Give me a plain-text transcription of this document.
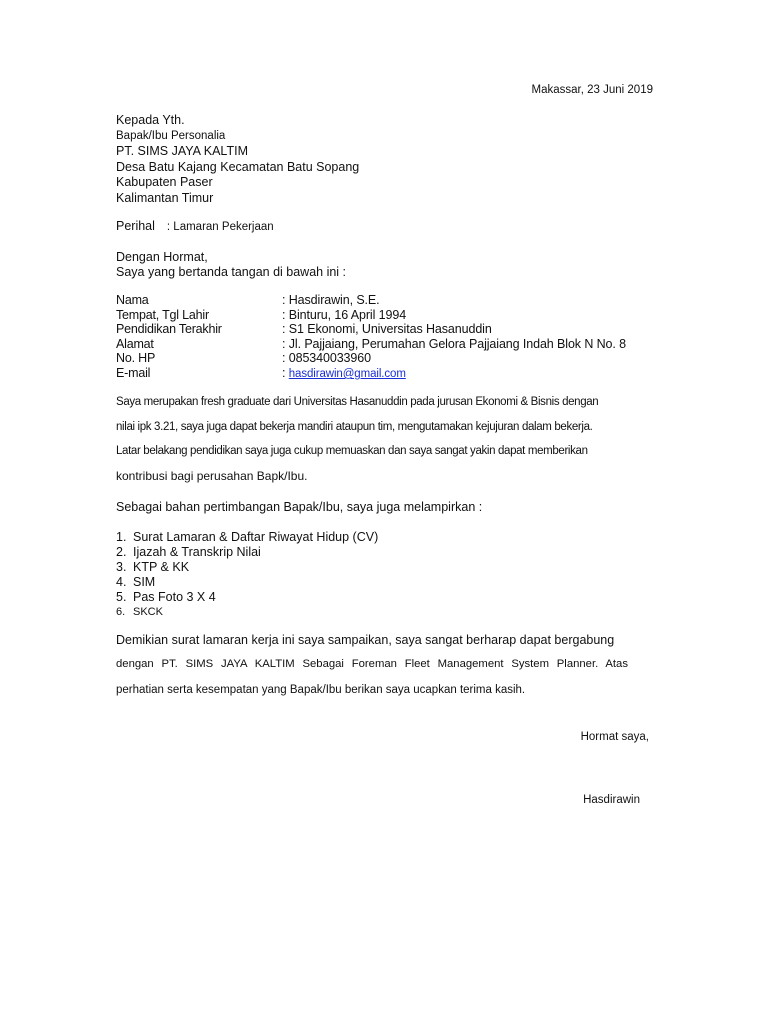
Makassar, 23 Juni 2019
Kepada Yth.
Bapak/Ibu Personalia
PT. SIMS JAYA KALTIM
Desa Batu Kajang Kecamatan Batu Sopang
Kabupaten Paser
Kalimantan Timur
Perihal : Lamaran Pekerjaan
Dengan Hormat,
Saya yang bertanda tangan di bawah ini :
Nama	: Hasdirawin, S.E.
Tempat, Tgl Lahir	: Binturu, 16 April 1994
Pendidikan Terakhir	: S1 Ekonomi, Universitas Hasanuddin
Alamat	: Jl. Pajjaiang, Perumahan Gelora Pajjaiang Indah Blok N No. 8
No. HP	: 085340033960
E-mail	: hasdirawin@gmail.com
Saya merupakan fresh graduate dari Universitas Hasanuddin pada jurusan Ekonomi & Bisnis dengan
nilai ipk 3.21, saya juga dapat bekerja mandiri ataupun tim, mengutamakan kejujuran dalam bekerja.
Latar belakang pendidikan saya juga cukup memuaskan dan saya sangat yakin dapat memberikan
kontribusi bagi perusahan Bapk/Ibu.
Sebagai bahan pertimbangan Bapak/Ibu, saya juga melampirkan :
1. Surat Lamaran & Daftar Riwayat Hidup (CV)
2. Ijazah & Transkrip Nilai
3. KTP & KK
4. SIM
5. Pas Foto 3 X 4
6. SKCK
Demikian surat lamaran kerja ini saya sampaikan, saya sangat berharap dapat bergabung
dengan PT. SIMS JAYA KALTIM Sebagai Foreman Fleet Management System Planner. Atas
perhatian serta kesempatan yang Bapak/Ibu berikan saya ucapkan terima kasih.
Hormat saya,
Hasdirawin
